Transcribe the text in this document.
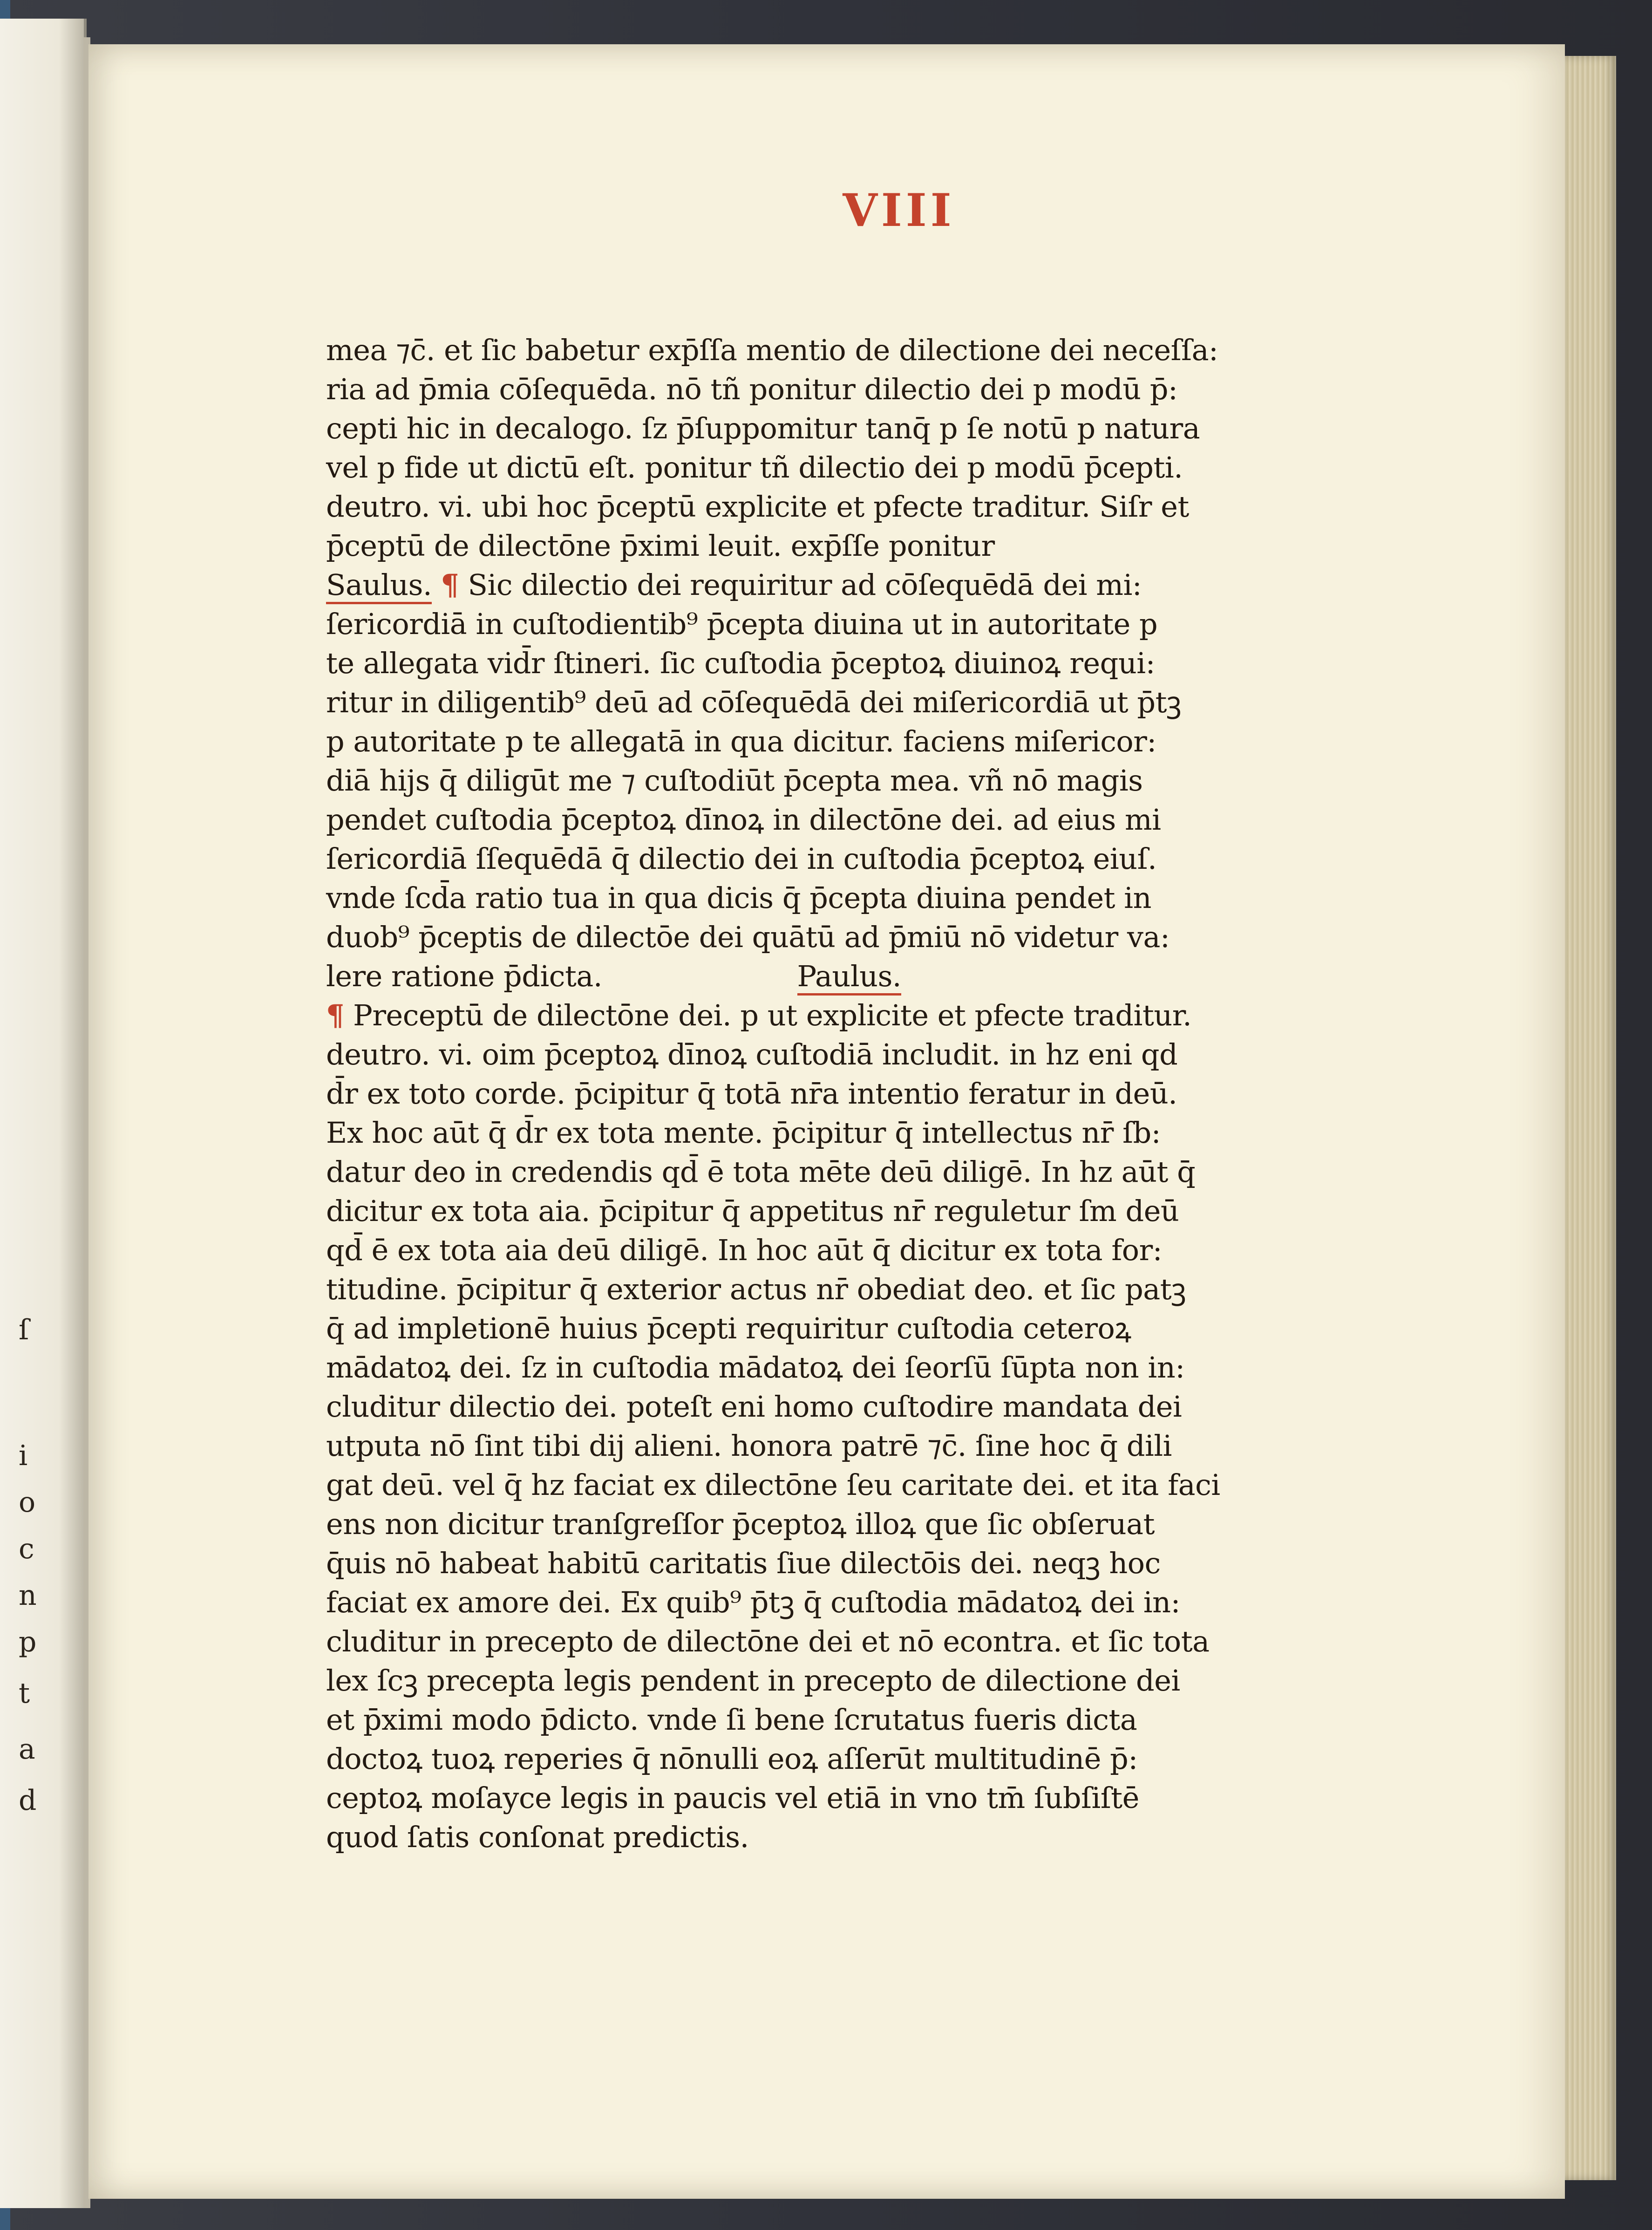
ſ
i
o
c
n
p
t
a
d
VIII
mea ⁊c̄. et ſic babetur exp̄ſſa mentio de dilectione dei neceſſa:
ria ad p̄mia cōſequēda. nō tñ ponitur dilectio dei p modū p̄:
cepti hic in decalogo. ſz p̄ſuppomitur tanq̄ p ſe notū p natura
vel p fide ut dictū eſt. ponitur tñ dilectio dei p modū p̄cepti.
deutro. vi. ubi hoc p̄ceptū explicite et pfecte traditur. Siſr et
p̄ceptū de dilectōne p̄ximi leuit. exp̄ſſe ponitur
Saulus. ¶ Sic dilectio dei requiritur ad cōſequēdā dei mi:
ſericordiā in cuſtodientib⁹ p̄cepta diuina ut in autoritate p
te allegata vid̄r ſtineri. ſic cuſtodia p̄ceptoꝝ diuinoꝝ requi:
ritur in diligentib⁹ deū ad cōſequēdā dei miſericordiā ut p̄tꝫ
p autoritate p te allegatā in qua dicitur. faciens miſericor:
diā hijs q̄ diligūt me ⁊ cuſtodiūt p̄cepta mea. vñ nō magis
pendet cuſtodia p̄ceptoꝝ dīnoꝝ in dilectōne dei. ad eius mi
ſericordiā ſſequēdā q̄ dilectio dei in cuſtodia p̄ceptoꝝ eiuſ.
vnde ſcd̄a ratio tua in qua dicis q̄ p̄cepta diuina pendet in
duob⁹ p̄ceptis de dilectōe dei quātū ad p̄miū nō videtur va:
lere ratione p̄dicta.	Paulus.
¶ Preceptū de dilectōne dei. p ut explicite et pfecte traditur.
deutro. vi. oim p̄ceptoꝝ dīnoꝝ cuſtodiā includit. in hz eni qd
d̄r ex toto corde. p̄cipitur q̄ totā nr̄a intentio feratur in deū.
Ex hoc aūt q̄ d̄r ex tota mente. p̄cipitur q̄ intellectus nr̄ ſb:
datur deo in credendis qd̄ ē tota mēte deū diligē. In hz aūt q̄
dicitur ex tota aia. p̄cipitur q̄ appetitus nr̄ reguletur ſm deū
qd̄ ē ex tota aia deū diligē. In hoc aūt q̄ dicitur ex tota for:
titudine. p̄cipitur q̄ exterior actus nr̄ obediat deo. et ſic patꝫ
q̄ ad impletionē huius p̄cepti requiritur cuſtodia ceteroꝝ
mādatoꝝ dei. ſz in cuſtodia mādatoꝝ dei ſeorſū ſūpta non in:
cluditur dilectio dei. poteſt eni homo cuſtodire mandata dei
utputa nō ſint tibi dij alieni. honora patrē ⁊c̄. ſine hoc q̄ dili
gat deū. vel q̄ hz faciat ex dilectōne ſeu caritate dei. et ita faci
ens non dicitur tranſgreſſor p̄ceptoꝝ illoꝝ que ſic obſeruat
q̄uis nō habeat habitū caritatis ſiue dilectōis dei. neqꝫ hoc
faciat ex amore dei. Ex quib⁹ p̄tꝫ q̄ cuſtodia mādatoꝝ dei in:
cluditur in precepto de dilectōne dei et nō econtra. et ſic tota
lex ſcꝫ precepta legis pendent in precepto de dilectione dei
et p̄ximi modo p̄dicto. vnde ſi bene ſcrutatus fueris dicta
doctoꝝ tuoꝝ reperies q̄ nōnulli eoꝝ aſſerūt multitudinē p̄:
ceptoꝝ moſayce legis in paucis vel etiā in vno tm̄ ſubſiſtē
quod ſatis conſonat predictis.
